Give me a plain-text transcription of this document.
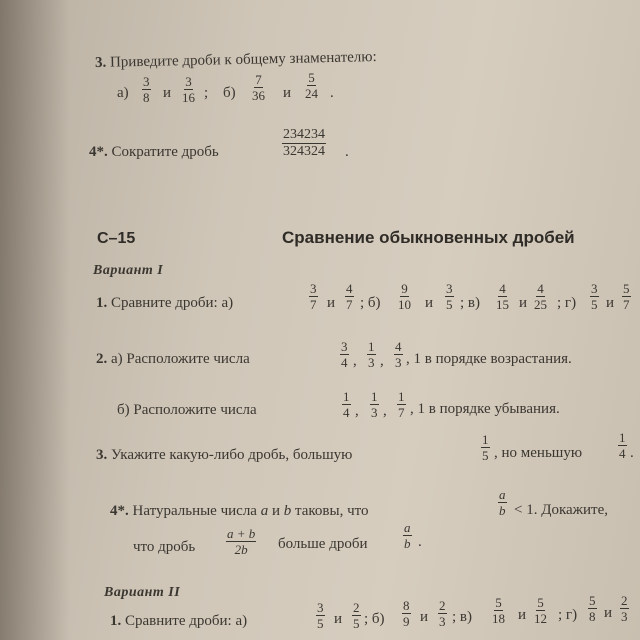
3. Приведите дроби к общему знаменателю:
$а) \frac{3}{8}$ и $\frac{3}{16}$ ; $б) \frac{7}{36}$ и $\frac{5}{24}$ .
4*. Сократите дробь	$\frac{234234}{324324}$ .
С–15	Сравнение обыкновенных дробей
Вариант I
1. Сравните дроби: а)	$\frac{3}{7}$ и $\frac{4}{7}$ ; $б) \frac{9}{10}$ и $\frac{3}{5}$ ; $в) \frac{4}{15}$ и $\frac{4}{25}$ ; $г) \frac{3}{5}$ и $\frac{5}{7}$
2. а) Расположите числа	$\frac{3}{4}$ , $\frac{1}{3}$ , $\frac{4}{3}$ , 1 в порядке возрастания.
б) Расположите числа	$\frac{1}{4}$ , $\frac{1}{3}$ , $\frac{1}{7}$ , 1 в порядке убывания.
3. Укажите какую-либо дробь, большую	$\frac{1}{5}$ , но меньшую	$\frac{1}{4}$ .
4*. Натуральные числа a и b таковы, что	$\frac{a}{b} < 1$. Докажите,
что дробь $\frac{a + b}{2b}$ больше дроби	$\frac{a}{b}$ .
Вариант II
1. Сравните дроби: а)	$\frac{3}{5}$ и $\frac{2}{5}$ ; $б) \frac{8}{9}$ и $\frac{2}{3}$ ; $в) \frac{5}{18}$ и $\frac{5}{12}$ ; $г) \frac{5}{8}$ и $\frac{2}{3}$
